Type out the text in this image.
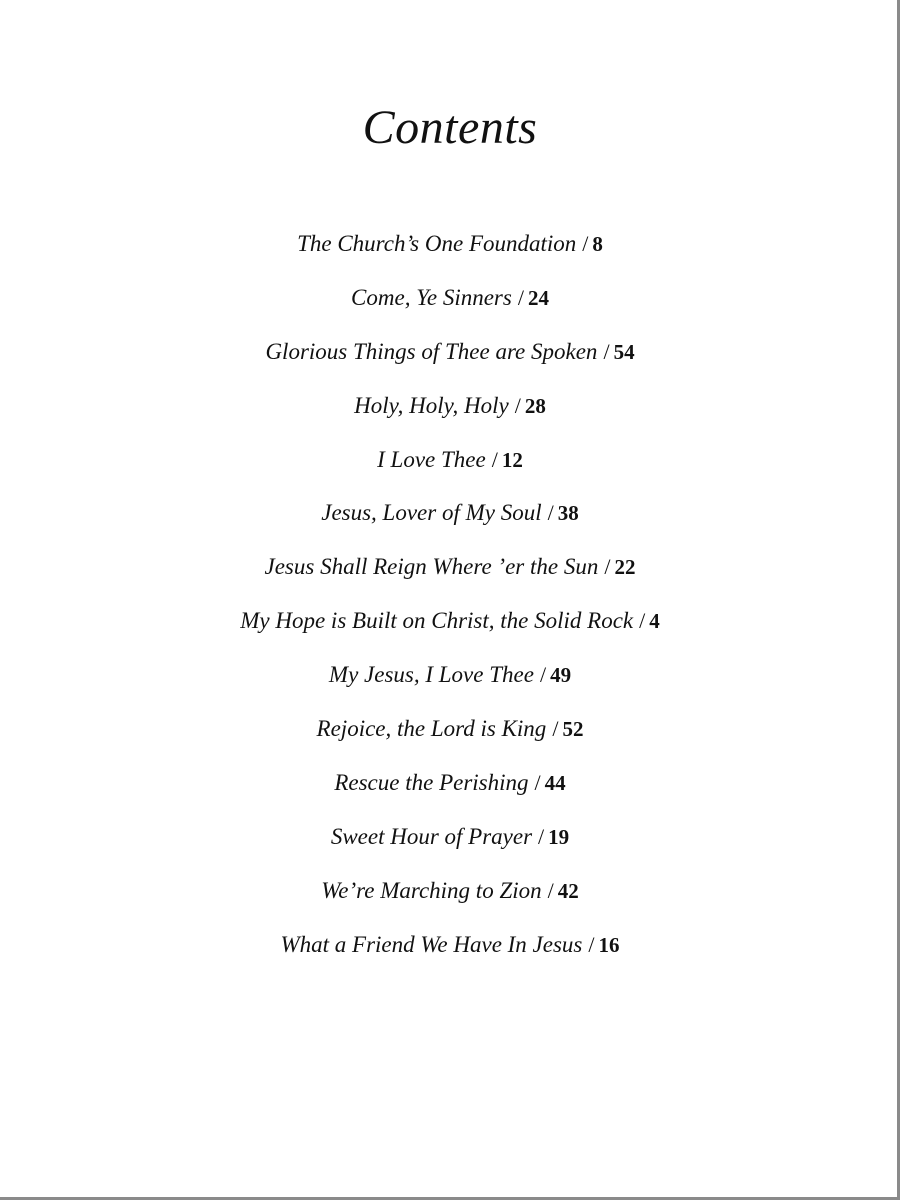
Contents
The Church’s One Foundation / 8
Come, Ye Sinners / 24
Glorious Things of Thee are Spoken / 54
Holy, Holy, Holy / 28
I Love Thee / 12
Jesus, Lover of My Soul / 38
Jesus Shall Reign Where ’er the Sun / 22
My Hope is Built on Christ, the Solid Rock / 4
My Jesus, I Love Thee / 49
Rejoice, the Lord is King / 52
Rescue the Perishing / 44
Sweet Hour of Prayer / 19
We’re Marching to Zion / 42
What a Friend We Have In Jesus / 16
